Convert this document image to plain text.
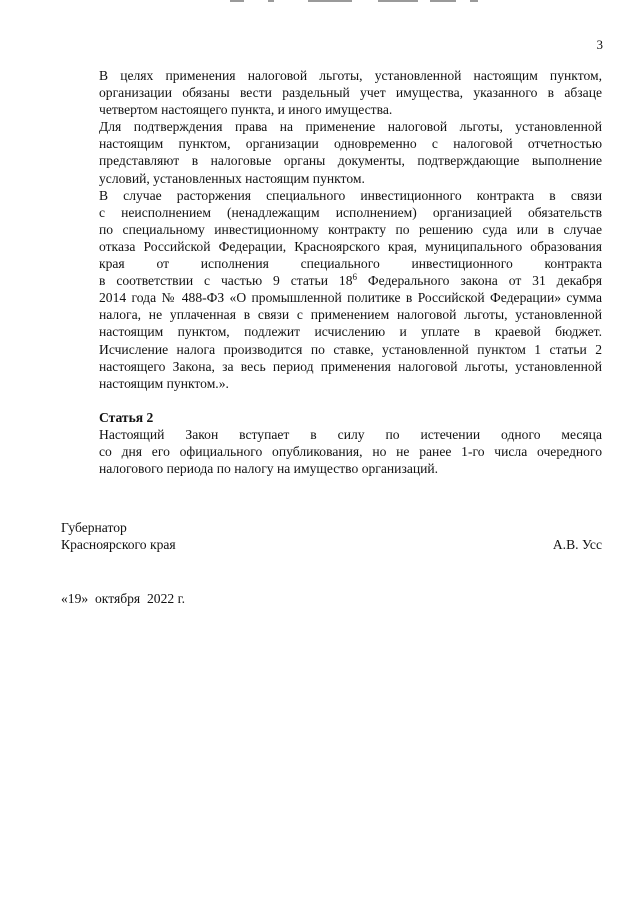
3
В целях применения налоговой льготы, установленной настоящим пунктом,
организации обязаны вести раздельный учет имущества, указанного в абзаце
четвертом настоящего пункта, и иного имущества.
Для подтверждения права на применение налоговой льготы, установленной
настоящим пунктом, организации одновременно с налоговой отчетностью
представляют в налоговые органы документы, подтверждающие выполнение
условий, установленных настоящим пунктом.
В случае расторжения специального инвестиционного контракта в связи
с неисполнением (ненадлежащим исполнением) организацией обязательств
по специальному инвестиционному контракту по решению суда или в случае
отказа Российской Федерации, Красноярского края, муниципального образования
края от исполнения специального инвестиционного контракта
в соответствии с частью 9 статьи $18^6$ Федерального закона от 31 декабря
2014 года № 488-ФЗ «О промышленной политике в Российской Федерации» сумма
налога, не уплаченная в связи с применением налоговой льготы, установленной
настоящим пунктом, подлежит исчислению и уплате в краевой бюджет.
Исчисление налога производится по ставке, установленной пунктом 1 статьи 2
настоящего Закона, за весь период применения налоговой льготы, установленной
настоящим пунктом.».
Статья 2
Настоящий Закон вступает в силу по истечении одного месяца
со дня его официального опубликования, но не ранее 1-го числа очередного
налогового периода по налогу на имущество организаций.
Губернатор
Красноярского края	А.В. Усс
«19»  октября  2022 г.
